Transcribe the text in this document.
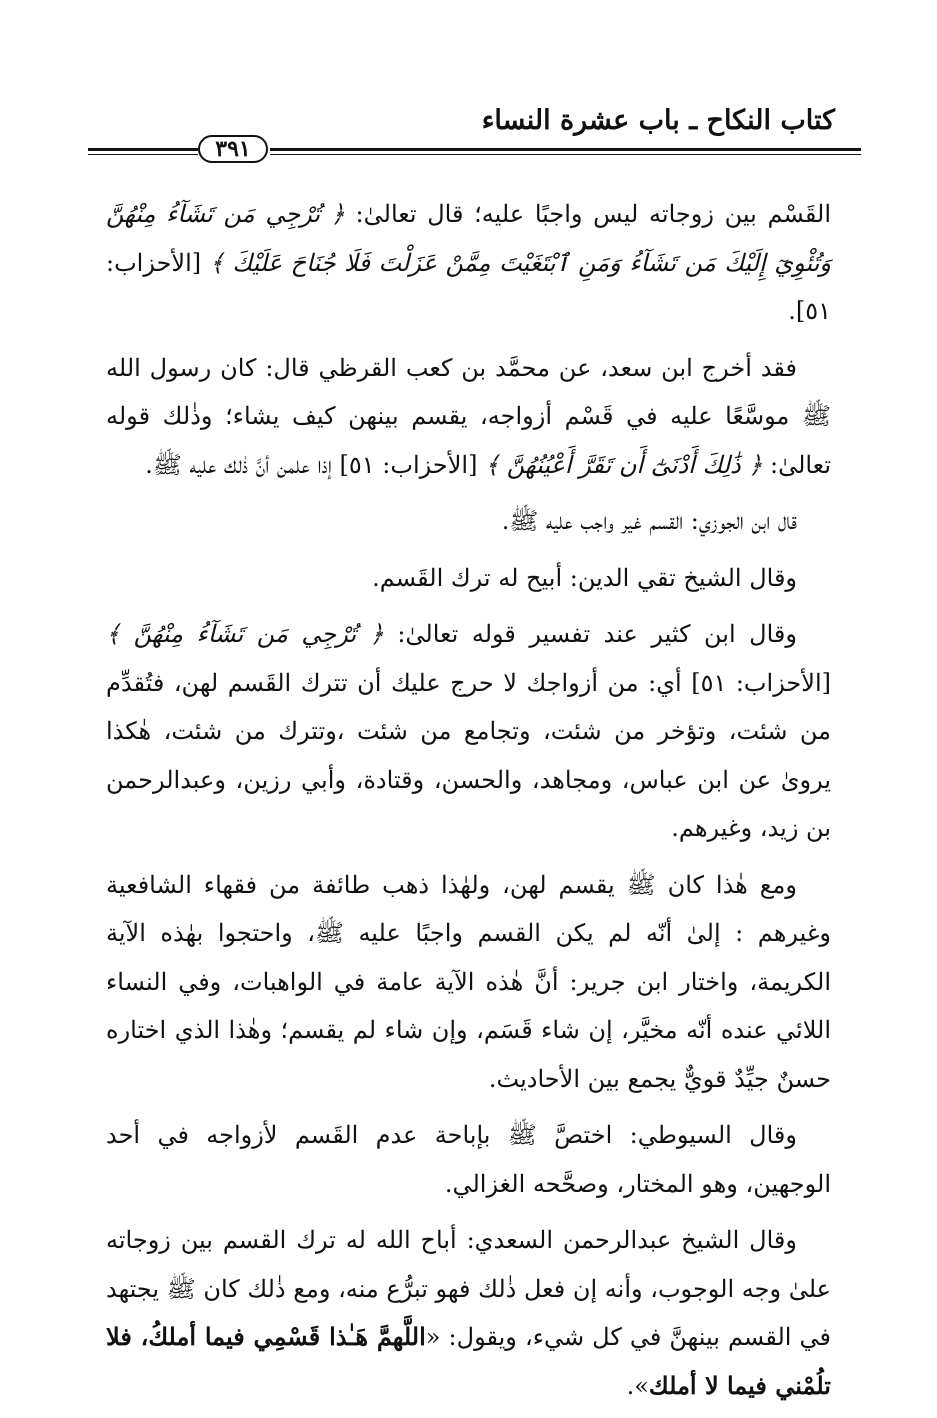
كتاب النكاح ـ باب عشرة النساء
٣٩١

القَسْم بين زوجاته ليس واجبًا عليه؛ قال تعالىٰ: ﴿ تُرْجِي مَن تَشَآءُ مِنْهُنَّ وَتُئْوِيٓ إِلَيْكَ مَن تَشَآءُ وَمَنِ ٱبْتَغَيْتَ مِمَّنْ عَزَلْتَ فَلَا جُنَاحَ عَلَيْكَ ﴾ [الأحزاب: ٥١].

فقد أخرج ابن سعد، عن محمَّد بن كعب القرظي قال: كان رسول الله ﷺ موسَّعًا عليه في قَسْم أزواجه، يقسم بينهن كيف يشاء؛ وذٰلك قوله تعالىٰ: ﴿ ذَٰلِكَ أَدْنَىٰٓ أَن تَقَرَّ أَعْيُنُهُنَّ ﴾ [الأحزاب: ٥١] إذا علمن أنَّ ذٰلك عليه ﷺ.

قال ابن الجوزي: القسم غير واجب عليه ﷺ.

وقال الشيخ تقي الدين: أبيح له ترك القَسم.

وقال ابن كثير عند تفسير قوله تعالىٰ: ﴿ تُرْجِي مَن تَشَآءُ مِنْهُنَّ ﴾ [الأحزاب: ٥١] أي: من أزواجك لا حرج عليك أن تترك القَسم لهن، فتُقدِّم من شئت، وتؤخر من شئت، وتجامع من شئت ،وتترك من شئت، هٰكذا يروىٰ عن ابن عباس، ومجاهد، والحسن، وقتادة، وأبي رزين، وعبدالرحمن بن زيد، وغيرهم.

ومع هٰذا كان ﷺ يقسم لهن، ولهٰذا ذهب طائفة من فقهاء الشافعية وغيرهم : إلىٰ أنّه لم يكن القسم واجبًا عليه ﷺ، واحتجوا بهٰذه الآية الكريمة، واختار ابن جرير: أنَّ هٰذه الآية عامة في الواهبات، وفي النساء اللائي عنده أنّه مخيَّر، إن شاء قَسَم، وإن شاء لم يقسم؛ وهٰذا الذي اختاره حسنٌ جيِّدٌ قويٌّ يجمع بين الأحاديث.

وقال السيوطي: اختصَّ ﷺ بإباحة عدم القَسم لأزواجه في أحد الوجهين، وهو المختار، وصحَّحه الغزالي.

وقال الشيخ عبدالرحمن السعدي: أباح الله له ترك القسم بين زوجاته علىٰ وجه الوجوب، وأنه إن فعل ذٰلك فهو تبرُّع منه، ومع ذٰلك كان ﷺ يجتهد في القسم بينهنَّ في كل شيء، ويقول: «اللَّهمَّ هَـٰذا قَسْمِي فيما أملكُ، فلا تلُمْني فيما لا أملك».
